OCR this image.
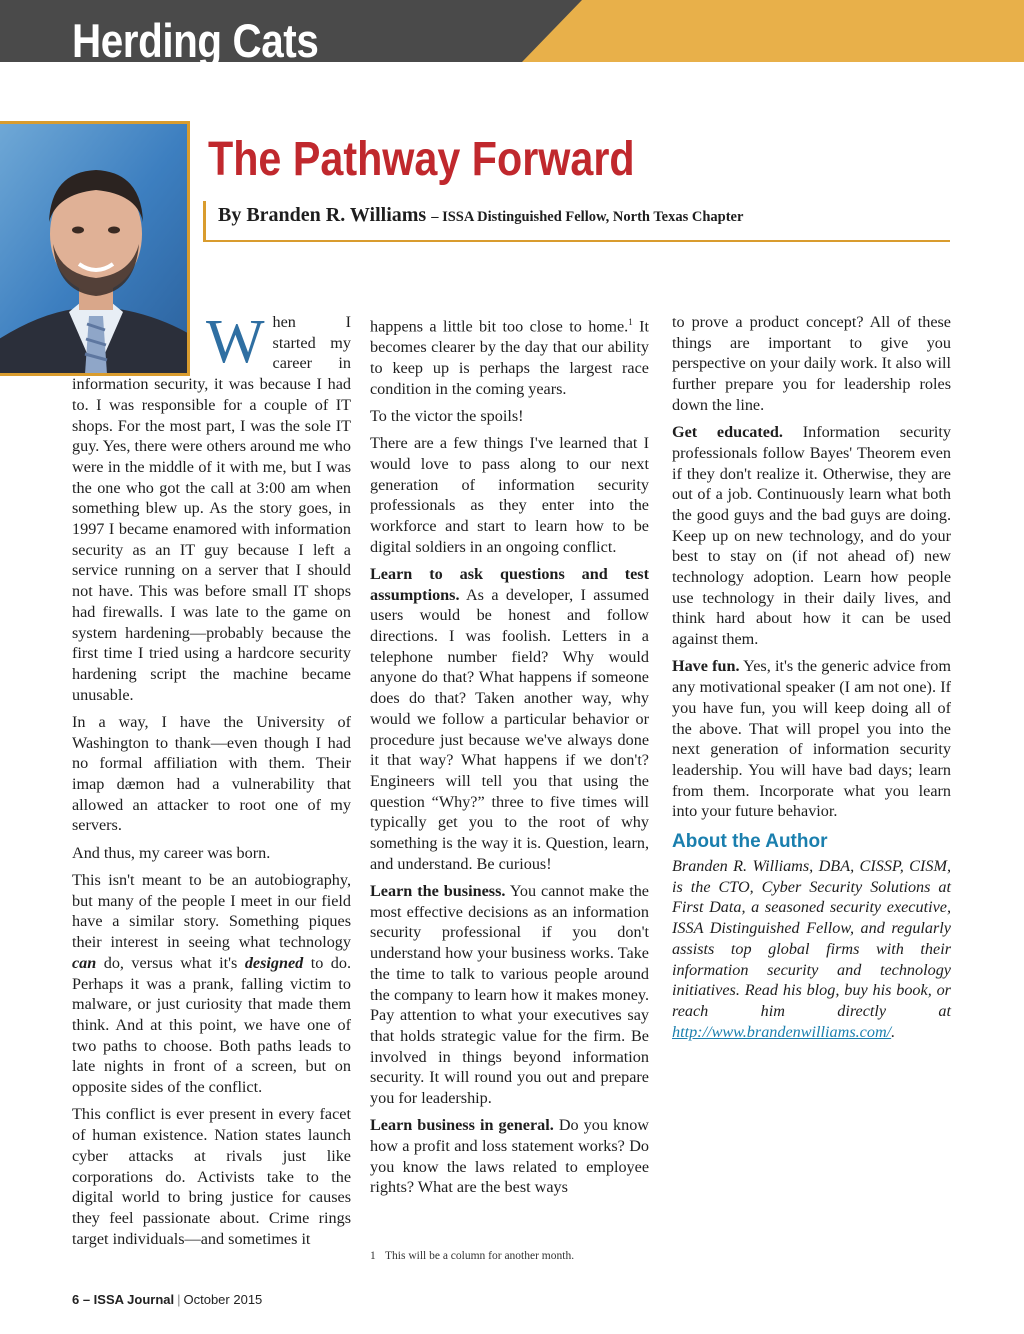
Herding Cats
The Pathway Forward
By Branden R. Williams – ISSA Distinguished Fellow, North Texas Chapter

When I started my career in information security, it was because I had to. I was responsible for a couple of IT shops. For the most part, I was the sole IT guy. Yes, there were others around me who were in the middle of it with me, but I was the one who got the call at 3:00 am when something blew up. As the story goes, in 1997 I became enamored with information security as an IT guy because I left a service running on a server that I should not have. This was before small IT shops had firewalls. I was late to the game on system hardening—probably because the first time I tried using a hardcore security hardening script the machine became unusable.

In a way, I have the University of Washington to thank—even though I had no formal affiliation with them. Their imap dæmon had a vulnerability that allowed an attacker to root one of my servers.

And thus, my career was born.

This isn't meant to be an autobiography, but many of the people I meet in our field have a similar story. Something piques their interest in seeing what technology can do, versus what it's designed to do. Perhaps it was a prank, falling victim to malware, or just curiosity that made them think. And at this point, we have one of two paths to choose. Both paths leads to late nights in front of a screen, but on opposite sides of the conflict.

This conflict is ever present in every facet of human existence. Nation states launch cyber attacks at rivals just like corporations do. Activists take to the digital world to bring justice for causes they feel passionate about. Crime rings target individuals—and sometimes it

happens a little bit too close to home.$^1$ It becomes clearer by the day that our ability to keep up is perhaps the largest race condition in the coming years.

To the victor the spoils!

There are a few things I've learned that I would love to pass along to our next generation of information security professionals as they enter into the workforce and start to learn how to be digital soldiers in an ongoing conflict.

Learn to ask questions and test assumptions. As a developer, I assumed users would be honest and follow directions. I was foolish. Letters in a telephone number field? Why would anyone do that? What happens if someone does do that? Taken another way, why would we follow a particular behavior or procedure just because we've always done it that way? What happens if we don't? Engineers will tell you that using the question “Why?” three to five times will typically get you to the root of why something is the way it is. Question, learn, and understand. Be curious!

Learn the business. You cannot make the most effective decisions as an information security professional if you don't understand how your business works. Take the time to talk to various people around the company to learn how it makes money. Pay attention to what your executives say that holds strategic value for the firm. Be involved in things beyond information security. It will round you out and prepare you for leadership.

Learn business in general. Do you know how a profit and loss statement works? Do you know the laws related to employee rights? What are the best ways

to prove a product concept? All of these things are important to give you perspective on your daily work. It also will further prepare you for leadership roles down the line.

Get educated. Information security professionals follow Bayes' Theorem even if they don't realize it. Otherwise, they are out of a job. Continuously learn what both the good guys and the bad guys are doing. Keep up on new technology, and do your best to stay on (if not ahead of) new technology adoption. Learn how people use technology in their daily lives, and think hard about how it can be used against them.

Have fun. Yes, it's the generic advice from any motivational speaker (I am not one). If you have fun, you will keep doing all of the above. That will propel you into the next generation of information security leadership. You will have bad days; learn from them. Incorporate what you learn into your future behavior.

About the Author

Branden R. Williams, DBA, CISSP, CISM, is the CTO, Cyber Security Solutions at First Data, a seasoned security executive, ISSA Distinguished Fellow, and regularly assists top global firms with their information security and technology initiatives. Read his blog, buy his book, or reach him directly at http://www.brandenwilliams.com/.

1 This will be a column for another month.
6 – ISSA Journal | October 2015
